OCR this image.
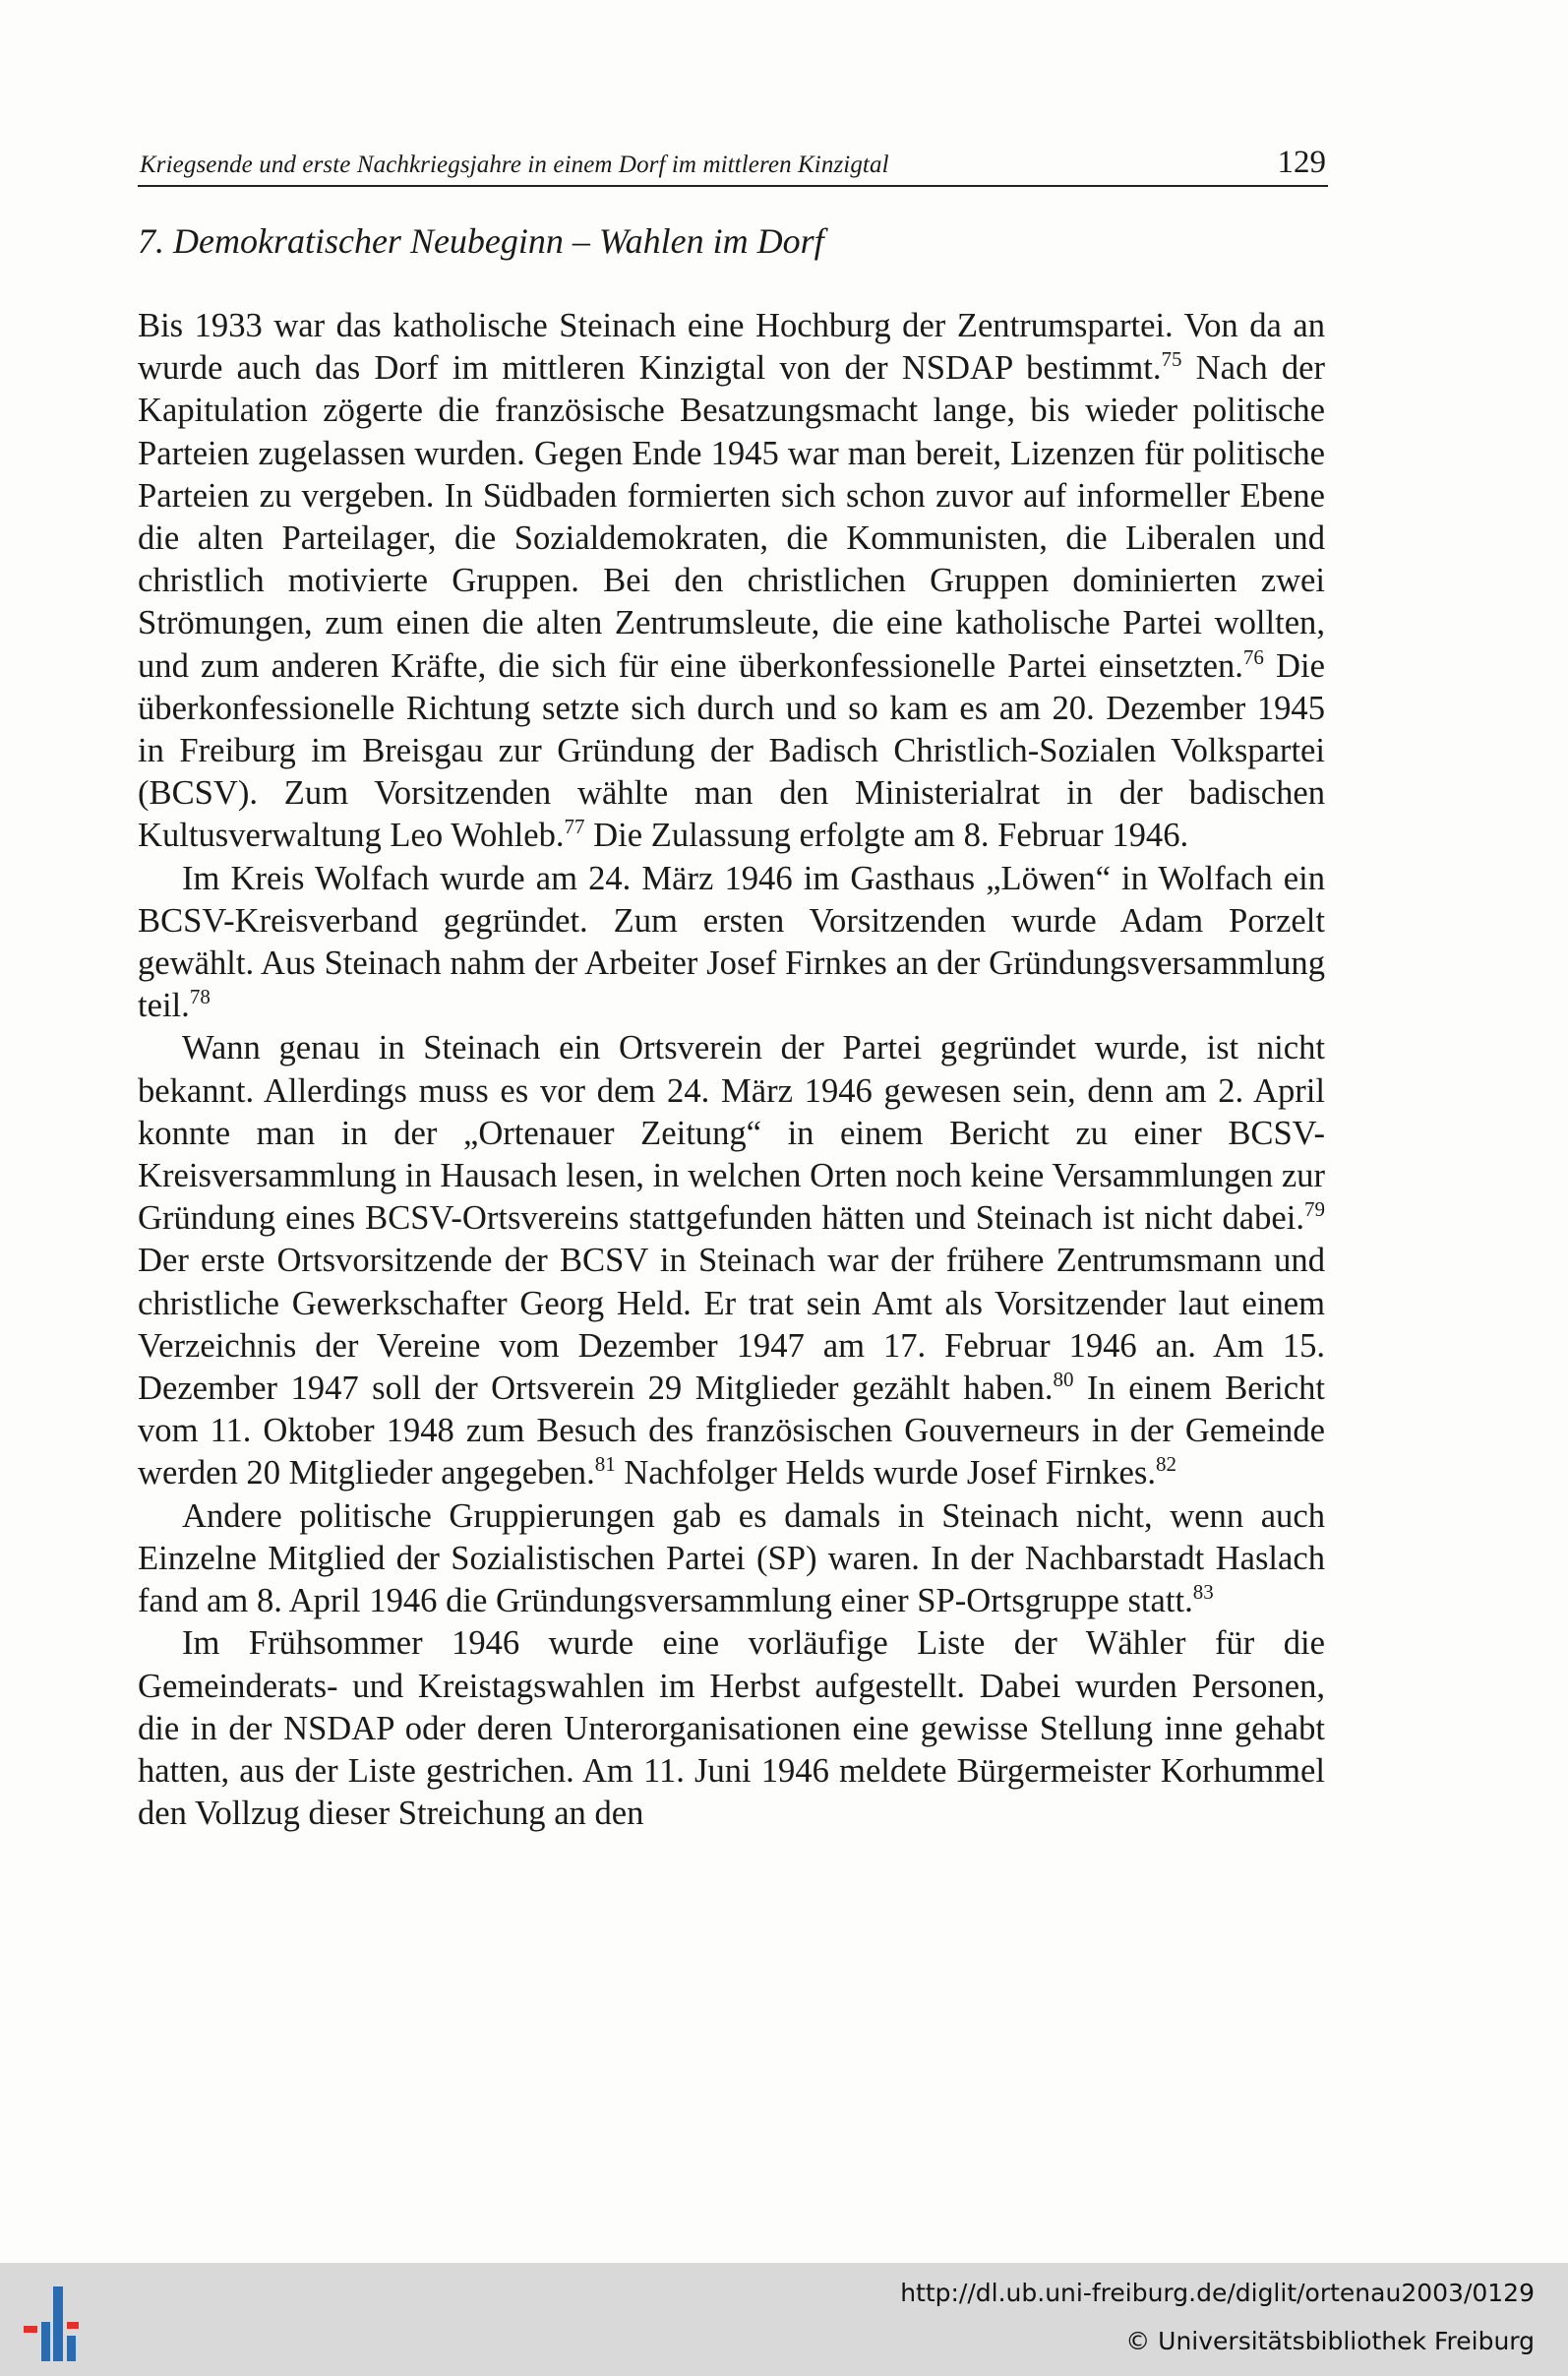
Kriegsende und erste Nachkriegsjahre in einem Dorf im mittleren Kinzigtal	129
7. Demokratischer Neubeginn – Wahlen im Dorf

Bis 1933 war das katholische Steinach eine Hochburg der Zentrumspartei. Von da an wurde auch das Dorf im mittleren Kinzigtal von der NSDAP bestimmt.$^{75}$ Nach der Kapitulation zögerte die französische Besatzungsmacht lange, bis wieder politische Parteien zugelassen wurden. Gegen Ende 1945 war man bereit, Lizenzen für politische Parteien zu vergeben. In Südbaden formierten sich schon zuvor auf informeller Ebene die alten Parteilager, die Sozialdemokraten, die Kommunisten, die Liberalen und christlich motivierte Gruppen. Bei den christlichen Gruppen dominierten zwei Strömungen, zum einen die alten Zentrumsleute, die eine katholische Partei wollten, und zum anderen Kräfte, die sich für eine überkonfessionelle Partei einsetzten.$^{76}$ Die überkonfessionelle Richtung setzte sich durch und so kam es am 20. Dezember 1945 in Freiburg im Breisgau zur Gründung der Badisch Christlich-Sozialen Volkspartei (BCSV). Zum Vorsitzenden wählte man den Ministerialrat in der badischen Kultusverwaltung Leo Wohleb.$^{77}$ Die Zulassung erfolgte am 8. Februar 1946.

Im Kreis Wolfach wurde am 24. März 1946 im Gasthaus „Löwen“ in Wolfach ein BCSV-Kreisverband gegründet. Zum ersten Vorsitzenden wurde Adam Porzelt gewählt. Aus Steinach nahm der Arbeiter Josef Firnkes an der Gründungsversammlung teil.$^{78}$

Wann genau in Steinach ein Ortsverein der Partei gegründet wurde, ist nicht bekannt. Allerdings muss es vor dem 24. März 1946 gewesen sein, denn am 2. April konnte man in der „Ortenauer Zeitung“ in einem Bericht zu einer BCSV-Kreisversammlung in Hausach lesen, in welchen Orten noch keine Versammlungen zur Gründung eines BCSV-Ortsvereins stattgefunden hätten und Steinach ist nicht dabei.$^{79}$ Der erste Ortsvorsitzende der BCSV in Steinach war der frühere Zentrumsmann und christliche Gewerkschafter Georg Held. Er trat sein Amt als Vorsitzender laut einem Verzeichnis der Vereine vom Dezember 1947 am 17. Februar 1946 an. Am 15. Dezember 1947 soll der Ortsverein 29 Mitglieder gezählt haben.$^{80}$ In einem Bericht vom 11. Oktober 1948 zum Besuch des französischen Gouverneurs in der Gemeinde werden 20 Mitglieder angegeben.$^{81}$ Nachfolger Helds wurde Josef Firnkes.$^{82}$

Andere politische Gruppierungen gab es damals in Steinach nicht, wenn auch Einzelne Mitglied der Sozialistischen Partei (SP) waren. In der Nachbarstadt Haslach fand am 8. April 1946 die Gründungsversammlung einer SP-Ortsgruppe statt.$^{83}$

Im Frühsommer 1946 wurde eine vorläufige Liste der Wähler für die Gemeinderats- und Kreistagswahlen im Herbst aufgestellt. Dabei wurden Personen, die in der NSDAP oder deren Unterorganisationen eine gewisse Stellung inne gehabt hatten, aus der Liste gestrichen. Am 11. Juni 1946 meldete Bürgermeister Korhummel den Vollzug dieser Streichung an den

http://dl.ub.uni-freiburg.de/diglit/ortenau2003/0129
© Universitätsbibliothek Freiburg
